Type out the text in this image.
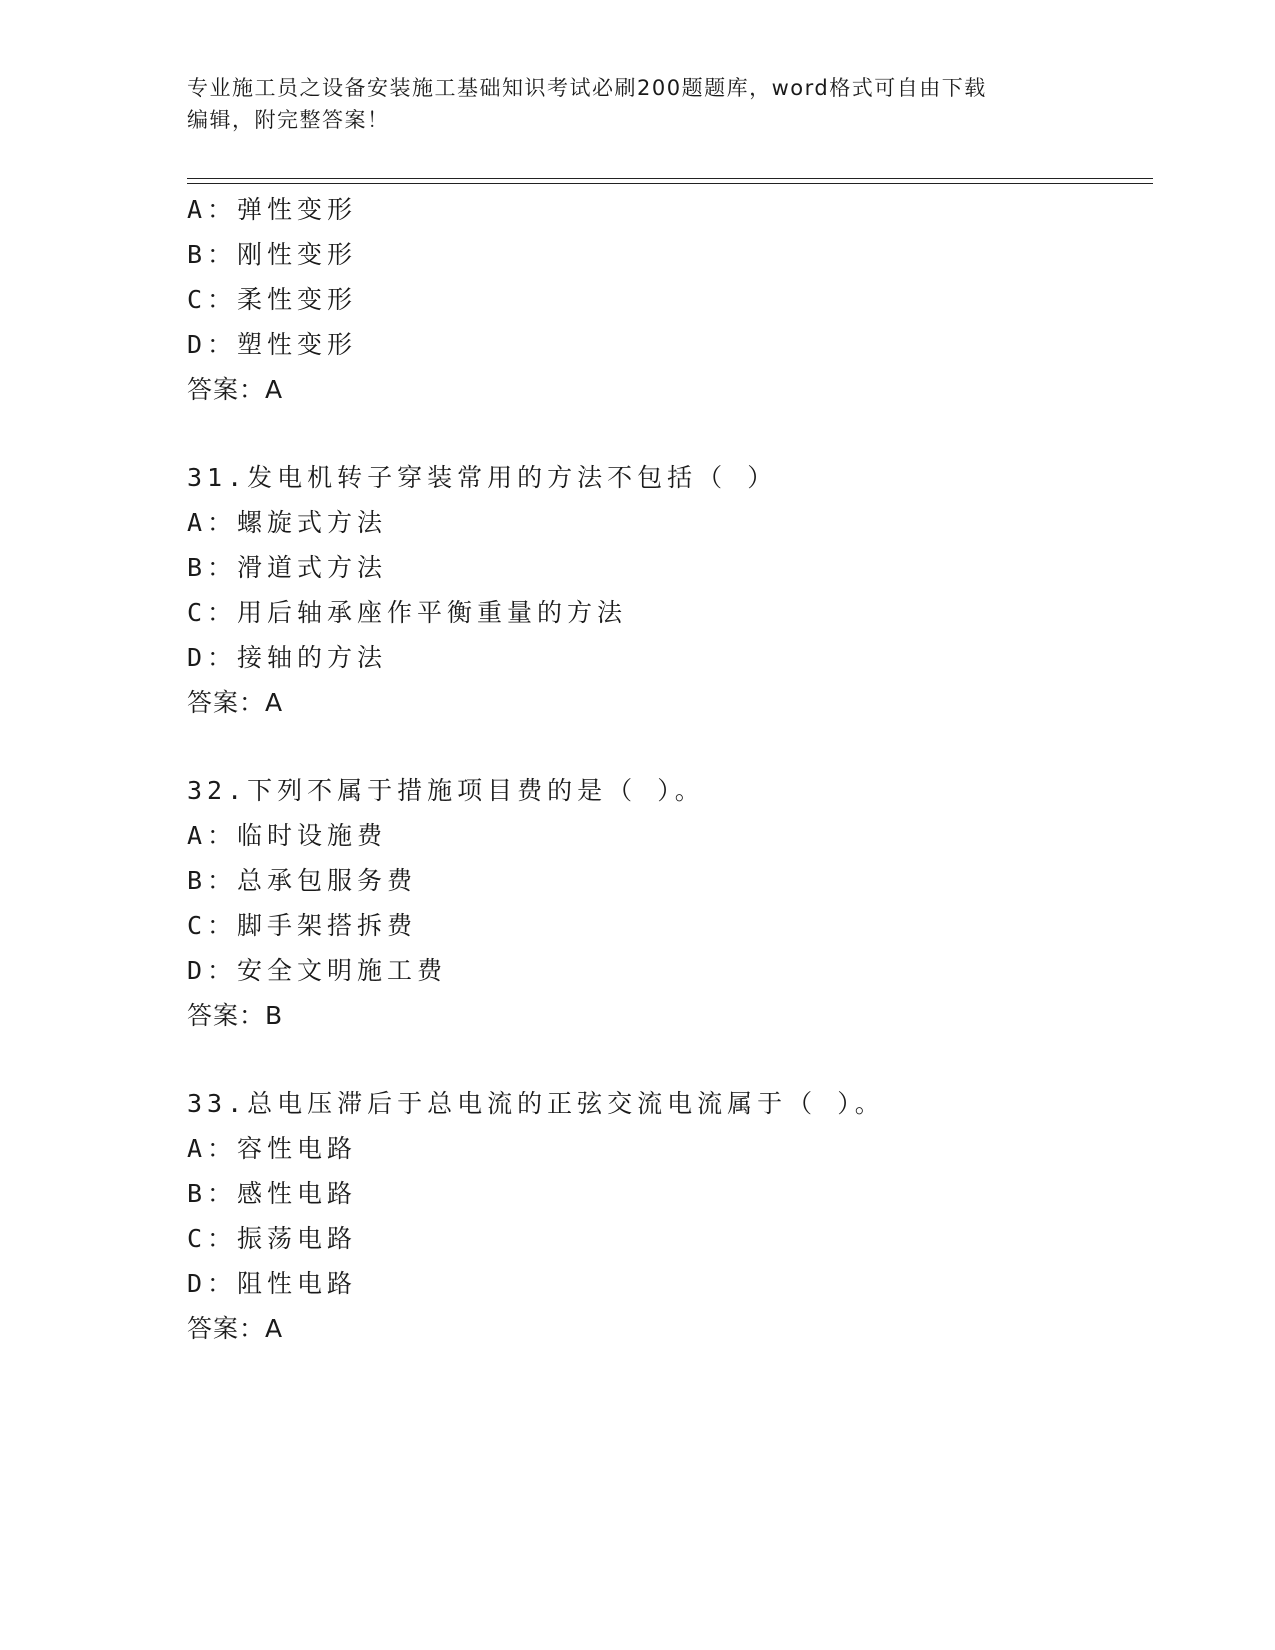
专业施工员之设备安装施工基础知识考试必刷200题题库，word格式可自由下载
编辑，附完整答案！
A：弹性变形
B：刚性变形
C：柔性变形
D：塑性变形
答案：A
31.发电机转子穿装常用的方法不包括（ ）
A：螺旋式方法
B：滑道式方法
C：用后轴承座作平衡重量的方法
D：接轴的方法
答案：A
32.下列不属于措施项目费的是（ ）。
A：临时设施费
B：总承包服务费
C：脚手架搭拆费
D：安全文明施工费
答案：B
33.总电压滞后于总电流的正弦交流电流属于（ ）。
A：容性电路
B：感性电路
C：振荡电路
D：阻性电路
答案：A
